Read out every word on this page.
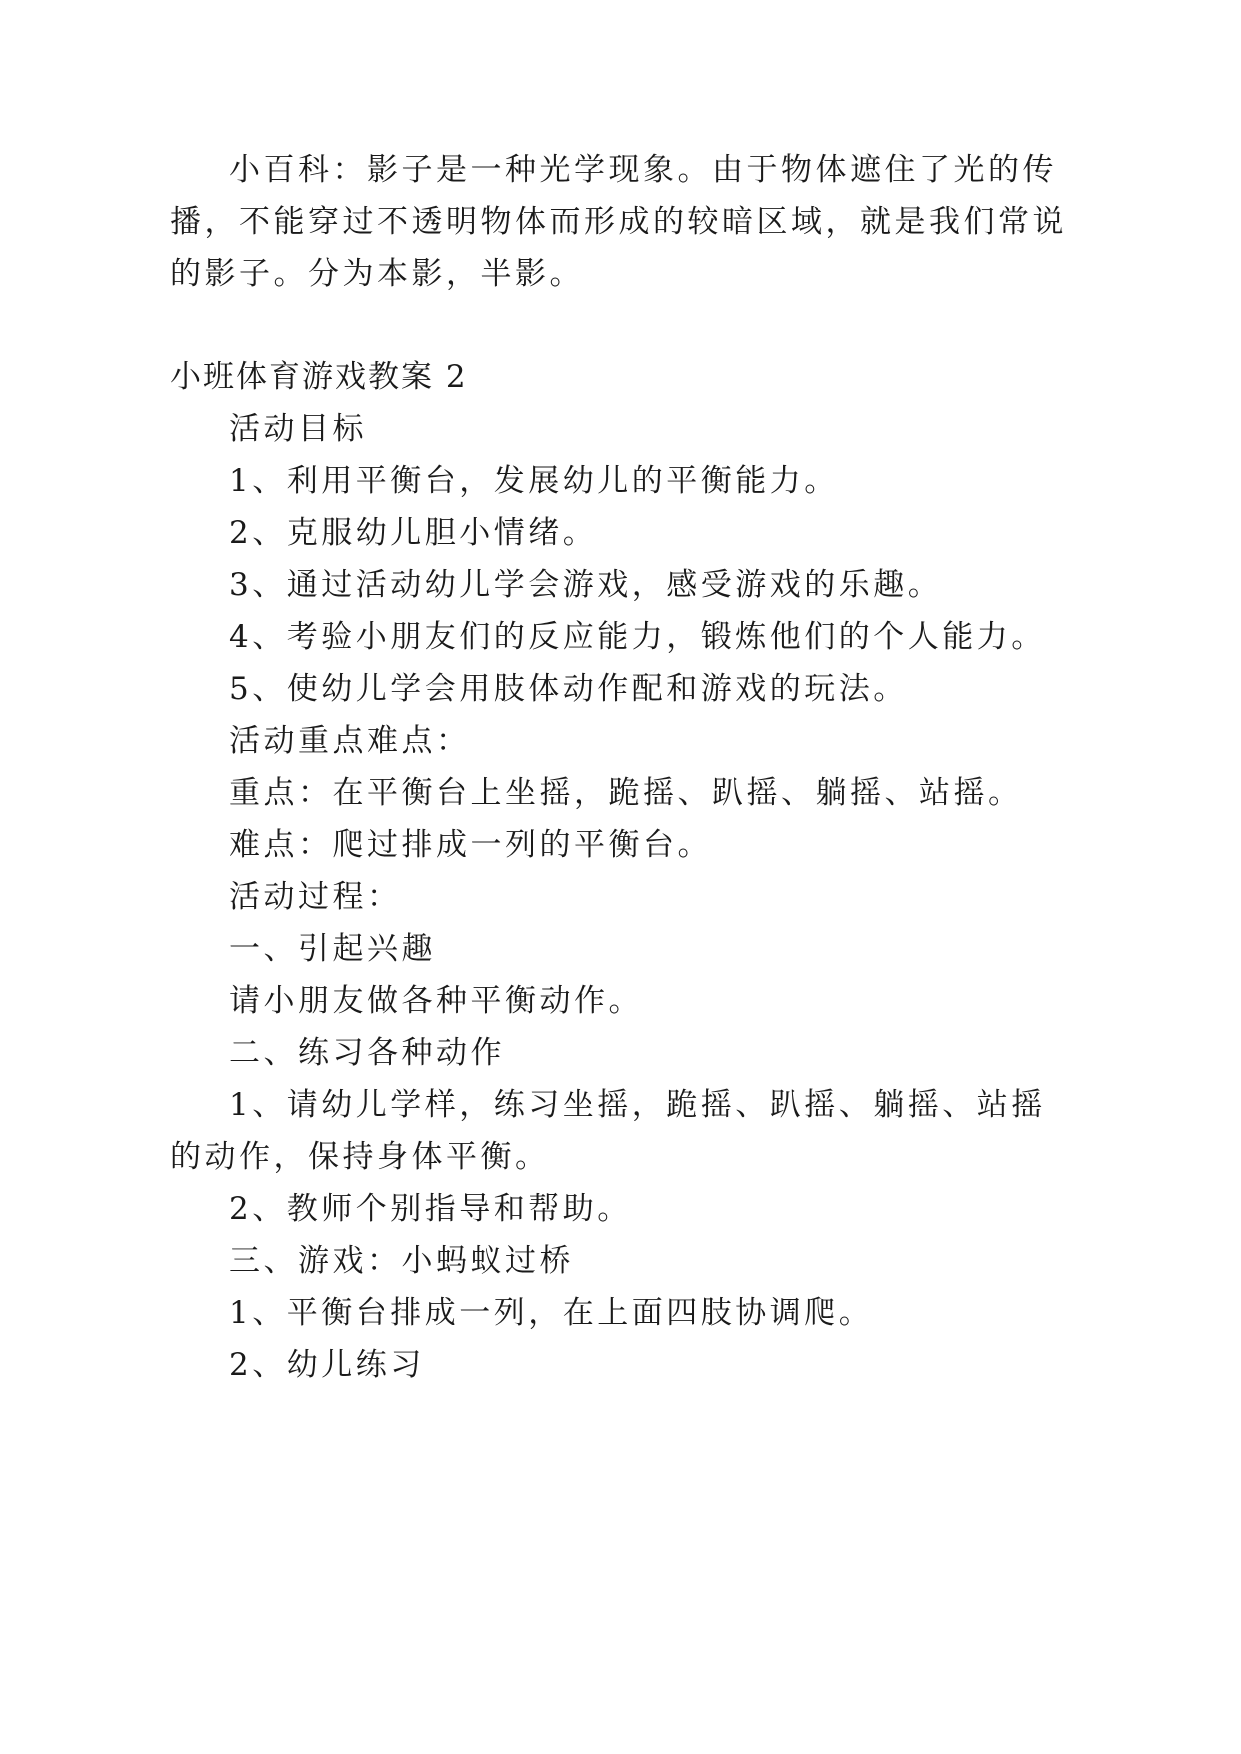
小百科：影子是一种光学现象。由于物体遮住了光的传
播，不能穿过不透明物体而形成的较暗区域，就是我们常说
的影子。分为本影，半影。
小班体育游戏教案 2
活动目标
1、利用平衡台，发展幼儿的平衡能力。
2、克服幼儿胆小情绪。
3、通过活动幼儿学会游戏，感受游戏的乐趣。
4、考验小朋友们的反应能力，锻炼他们的个人能力。
5、使幼儿学会用肢体动作配和游戏的玩法。
活动重点难点：
重点：在平衡台上坐摇，跪摇、趴摇、躺摇、站摇。
难点：爬过排成一列的平衡台。
活动过程：
一、引起兴趣
请小朋友做各种平衡动作。
二、练习各种动作
1、请幼儿学样，练习坐摇，跪摇、趴摇、躺摇、站摇
的动作，保持身体平衡。
2、教师个别指导和帮助。
三、游戏：小蚂蚁过桥
1、平衡台排成一列，在上面四肢协调爬。
2、幼儿练习
